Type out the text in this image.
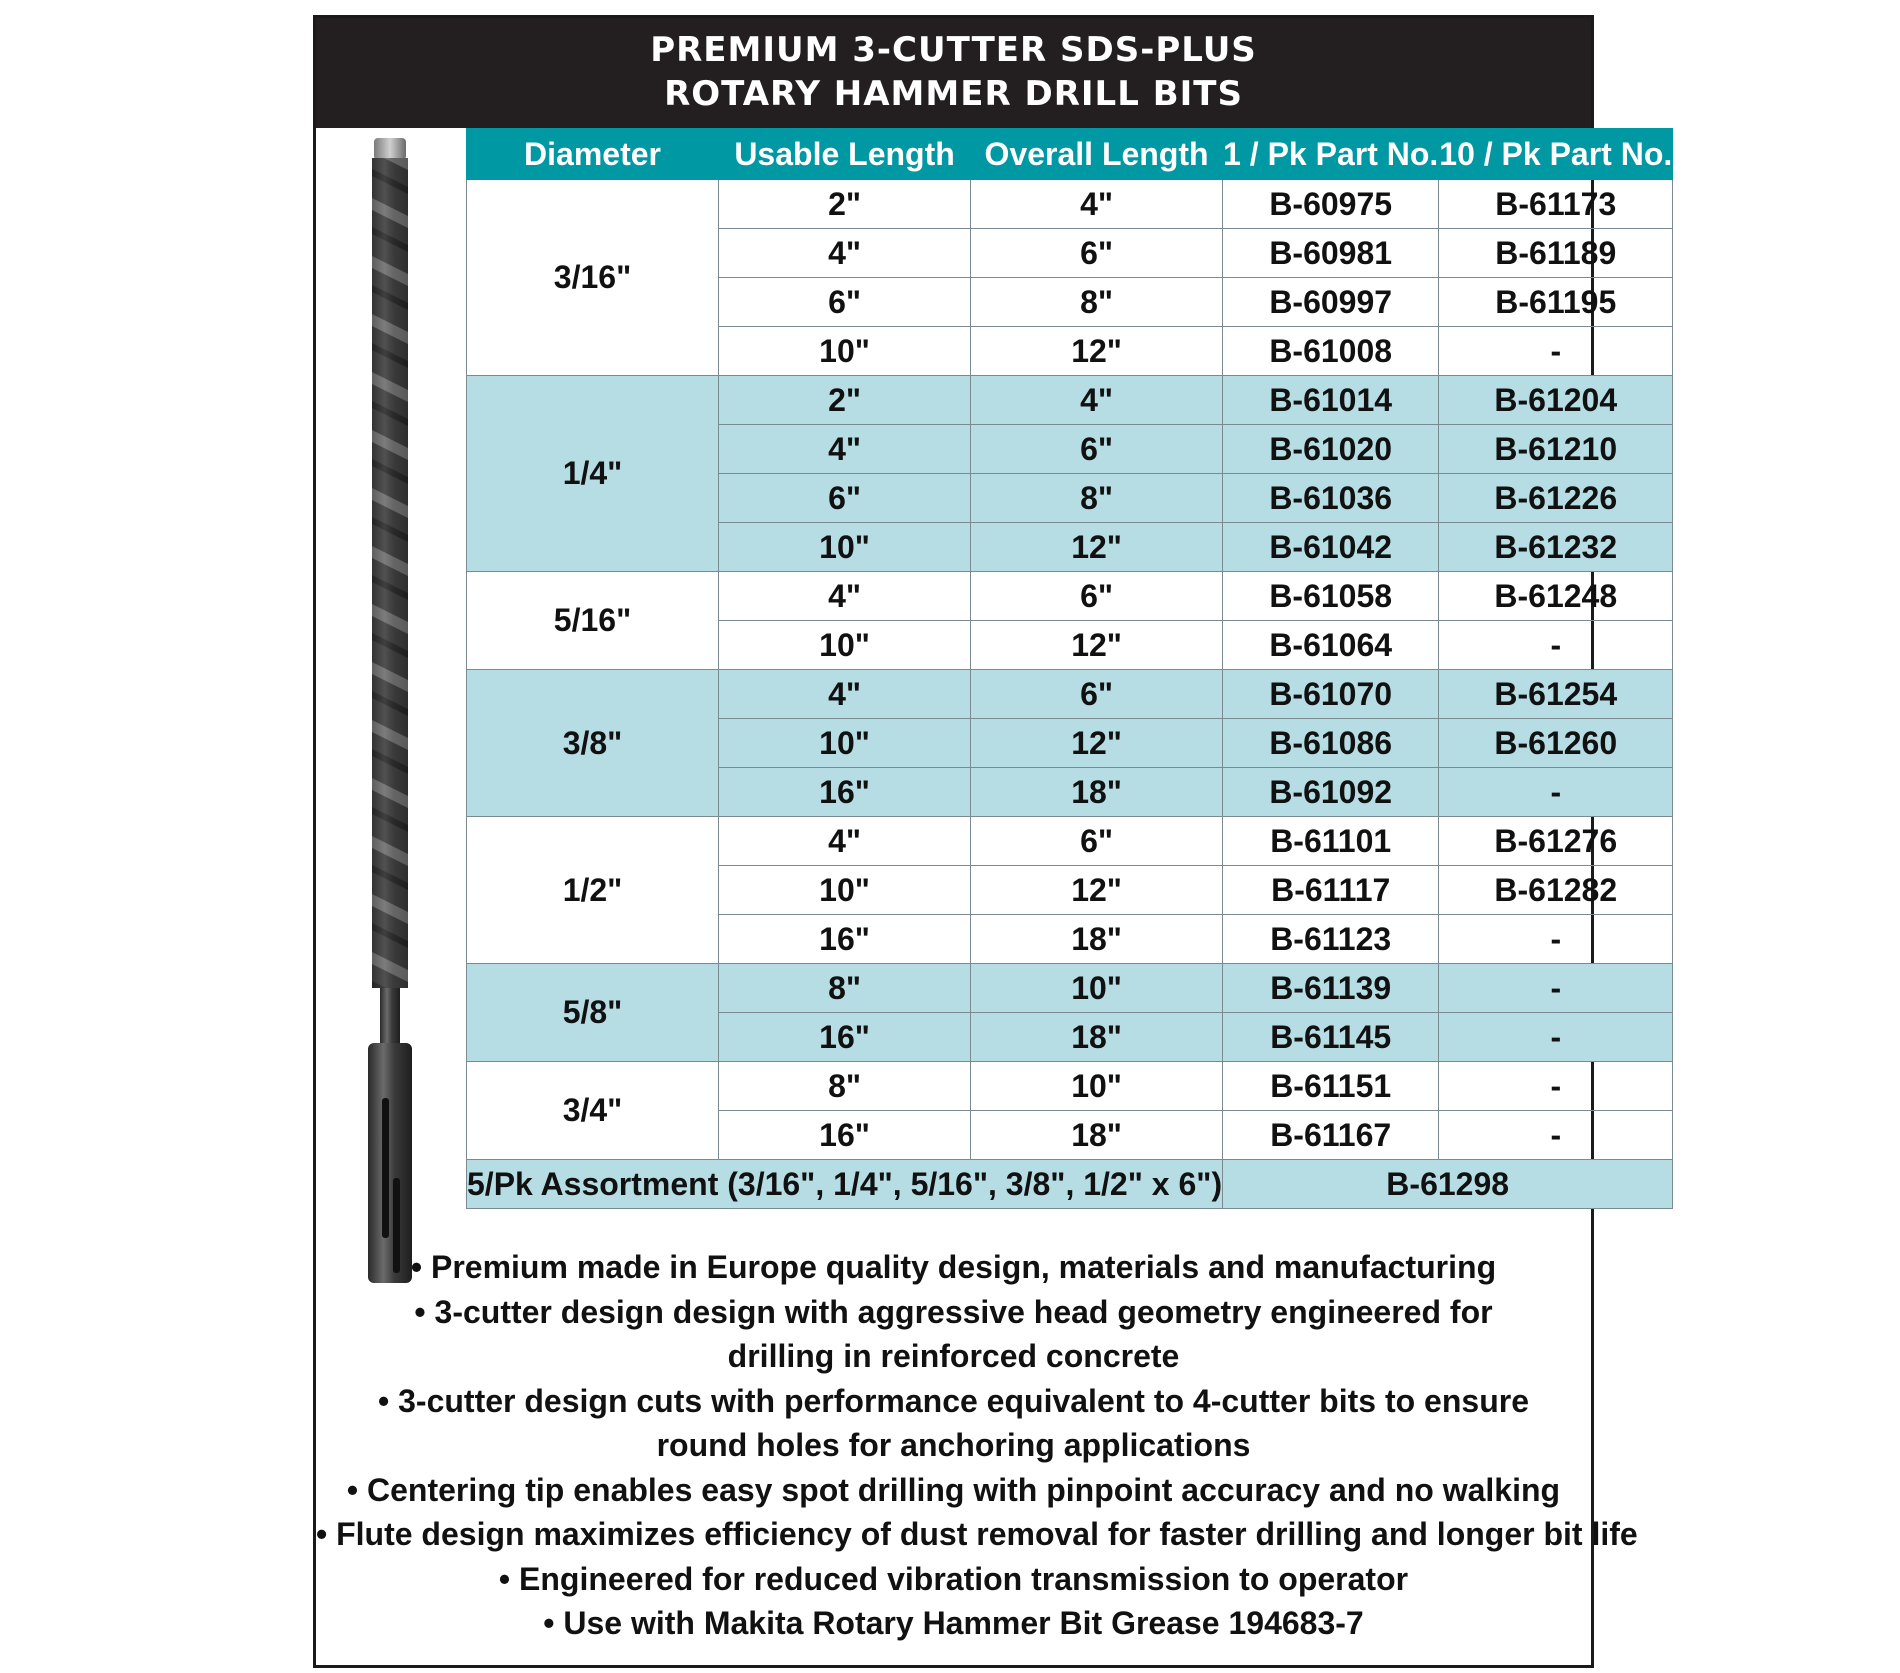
PREMIUM 3-CUTTER SDS-PLUS
ROTARY HAMMER DRILL BITS
Diameter	Usable Length	Overall Length	1 / Pk Part No.	10 / Pk Part No.
3/16"	2"	4"	B-60975	B-61173
	4"	6"	B-60981	B-61189
	6"	8"	B-60997	B-61195
	10"	12"	B-61008	-
1/4"	2"	4"	B-61014	B-61204
	4"	6"	B-61020	B-61210
	6"	8"	B-61036	B-61226
	10"	12"	B-61042	B-61232
5/16"	4"	6"	B-61058	B-61248
	10"	12"	B-61064	-
3/8"	4"	6"	B-61070	B-61254
	10"	12"	B-61086	B-61260
	16"	18"	B-61092	-
1/2"	4"	6"	B-61101	B-61276
	10"	12"	B-61117	B-61282
	16"	18"	B-61123	-
5/8"	8"	10"	B-61139	-
	16"	18"	B-61145	-
3/4"	8"	10"	B-61151	-
	16"	18"	B-61167	-
5/Pk Assortment (3/16", 1/4", 5/16", 3/8", 1/2" x 6")			B-61298	
• Premium made in Europe quality design, materials and manufacturing
• 3-cutter design design with aggressive head geometry engineered for
drilling in reinforced concrete
• 3-cutter design cuts with performance equivalent to 4-cutter bits to ensure
round holes for anchoring applications
• Centering tip enables easy spot drilling with pinpoint accuracy and no walking
• Flute design maximizes efficiency of dust removal for faster drilling and longer bit life
• Engineered for reduced vibration transmission to operator
• Use with Makita Rotary Hammer Bit Grease 194683-7
